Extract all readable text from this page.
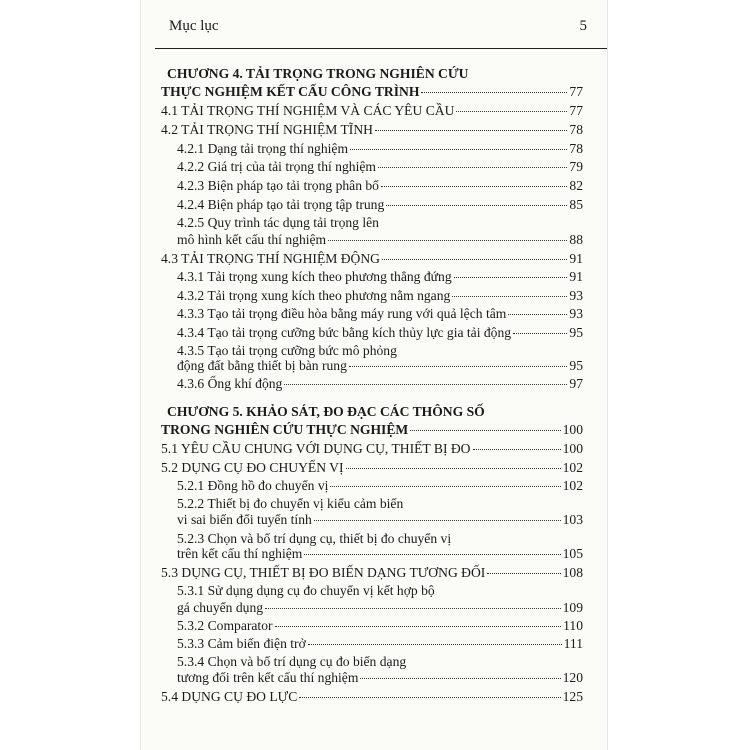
Mục lục	5
CHƯƠNG 4. TẢI TRỌNG TRONG NGHIÊN CỨU
THỰC NGHIỆM KẾT CẤU CÔNG TRÌNH	77
4.1 TẢI TRỌNG THÍ NGHIỆM VÀ CÁC YÊU CẦU	77
4.2 TẢI TRỌNG THÍ NGHIỆM TĨNH	78
4.2.1 Dạng tải trọng thí nghiệm	78
4.2.2 Giá trị của tải trọng thí nghiệm	79
4.2.3 Biện pháp tạo tải trọng phân bố	82
4.2.4 Biện pháp tạo tải trọng tập trung	85
4.2.5 Quy trình tác dụng tải trọng lên
mô hình kết cấu thí nghiệm	88
4.3 TẢI TRỌNG THÍ NGHIỆM ĐỘNG	91
4.3.1 Tải trọng xung kích theo phương thẳng đứng	91
4.3.2 Tải trọng xung kích theo phương nằm ngang	93
4.3.3 Tạo tải trọng điều hòa bằng máy rung với quả lệch tâm	93
4.3.4 Tạo tải trọng cưỡng bức bằng kích thủy lực gia tải động	95
4.3.5 Tạo tải trọng cưỡng bức mô phỏng
động đất bằng thiết bị bàn rung	95
4.3.6 Ống khí động	97
CHƯƠNG 5. KHẢO SÁT, ĐO ĐẠC CÁC THÔNG SỐ
TRONG NGHIÊN CỨU THỰC NGHIỆM	100
5.1 YÊU CẦU CHUNG VỚI DỤNG CỤ, THIẾT BỊ ĐO	100
5.2 DỤNG CỤ ĐO CHUYỂN VỊ	102
5.2.1 Đồng hồ đo chuyển vị	102
5.2.2 Thiết bị đo chuyển vị kiểu cảm biến
vi sai biến đổi tuyến tính	103
5.2.3 Chọn và bố trí dụng cụ, thiết bị đo chuyển vị
trên kết cấu thí nghiệm	105
5.3 DỤNG CỤ, THIẾT BỊ ĐO BIẾN DẠNG TƯƠNG ĐỐI	108
5.3.1 Sử dụng dụng cụ đo chuyển vị kết hợp bộ
gá chuyển dụng	109
5.3.2 Comparator	110
5.3.3 Cảm biến điện trở	111
5.3.4 Chọn và bố trí dụng cụ đo biến dạng
tương đối trên kết cấu thí nghiệm	120
5.4 DỤNG CỤ ĐO LỰC	125
